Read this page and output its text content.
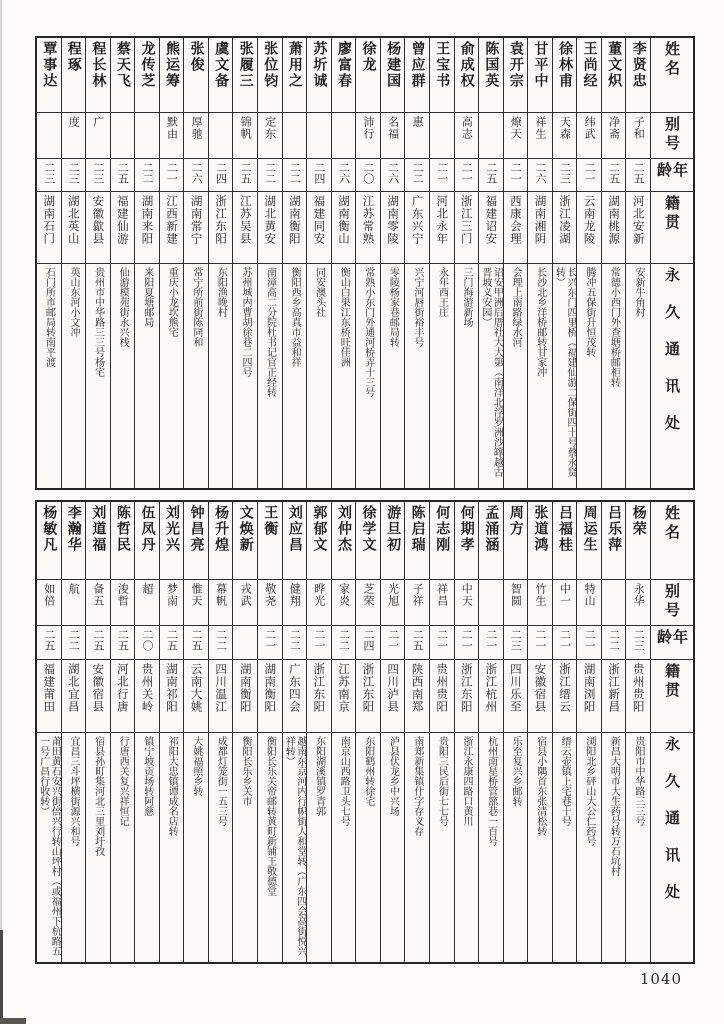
姓名
别号
年龄
籍贯
永久通讯处
李贤忠
子和
二五
河北安新
安新牛角村
董文炽
净斋
二五
湖南桃源
常德小西门外查塘桥邮柜转
王尚经
纬武
二一
云南龙陵
腾冲五保街升恒茂转
徐林甫
天森
二三
浙江凌湖
长兴东门四里桥（福建仙游二保街四十号蔡永贤转）
甘平中
祥生
二六
湖南湘阴
长沙北乡洋桥邮转甘家冲
袁开宗
燎天
二一
西康会理
会理上南路绿水河
陈国英
二五
福建诏安
诏安甲洲后厝社大大第（南洋北浮罗洲沙罉越古晋坡义安园）
俞成权
高志
二一
浙江三门
三门海游新场
王宝书
二一
河北永年
永年西王庄
曾应群
惠
二二
广东兴宁
兴宁河唇街裕丰号
杨建国
名福
二六
湖南零陵
零陵杨家巷邮局转
徐龙
沛行
二〇
江苏常熟
常熟小东门外通河桥弄十三号
廖富春
二六
湖南衡山
衡山白果江东桥旺佳洲
苏圻诚
二四
福建同安
同安澳头社
萧用之
二二
湖南衡阳
衡阳西乡高真市益和祥
张位钧
定东
二二
湖北黄安
南漳高二分院杜书记官正经转
张履三
锦帆
二五
江苏吴县
苏州城内曹胡徐巷二四号
虞文备
二四
浙江东阳
东阳渔晚村
张俊
厚驰
二六
湖南常宁
常宁所前街陈同和
熊运筹
默由
二一
江西新建
重庆小龙坎熊宅
龙传芝
二二
湖南来阳
来阳夏塘邮局
蔡天飞
二五
福建仙游
仙游模苑街永兴栈
程长林
广
二三
安徽歙县
贵州市中华路三三号杨宅
程琢
度
二三
湖北英山
英山东河小文冲
覃事达
二三
湖南石门
石门所市邮局转南平渡
姓名
别号
年龄
籍贯
永久通讯处
杨荣
永华
二三
贵州贵阳
贵阳市中华路三三号
吕乐萍
二二
浙江新昌
新昌大明市大生药号转万石坑村
周运生
特山
二一
湖南浏阳
浏阳北乡砰山大公仁药号
吕福桂
中一
二一
浙江缙云
缙云壶镇上宅巷十号
张道鸿
竹生
二一
安徽宿县
宿县小隅首东张清松转
周方
智圆
二三
四川乐至
乐至复兴乡邮转
孟涌涵
二一
浙江杭州
杭州南星桥管篰巷一百号
何期孝
中天
二一
浙江东阳
浙江永康四路口黄川
何志刚
祥昌
二一
贵州贵阳
贵阳三民后街七七号
陈启瑞
子祥
二五
陕西南郑
南郑新集镇什字存义存
游旦初
光旭
二一
四川泸县
泸县伏龙乡中兴场
徐学文
芝荣
二四
浙江东阳
东阳鹤州转徐宅
刘仲杰
家炎
二二
江苏南京
南京山西路卫头七号
郭郁文
晔光
二一
浙江东阳
东阳湖溪镇罗青郭
刘应昌
健翔
二二
广东四会
越南东京河内行帜街人和堂转（广东四会高街悦兴祥转）
王衡
敬尧
二一
湖南衡阳
衡阳长乐关帝邮转黄町新铺王敬德堂
文焕新
戎武
湖南衡阳
衡阳长乐乡关市
杨升煌
幕帆
二二
四川温江
成都灯笼街一五三号
钟昌亮
惟天
二五
云南大姚
大姚福照乡转
刘光兴
梦南
二五
湖南祁阳
祁阳大忠镇谭成名店转
伍凤丹
超
二〇
贵州关岭
镇宁坡贡场转阿慈
陈哲民
浚哲
二五
河北行唐
行唐西关复兴祥恒记
刘道福
备五
二五
安徽宿县
宿县孙町集河北三里刘圩孜
李瀚华
航
二二
湖北宜昌
宜昌三斗坪横街源兴和号
杨敏凡
如倍
二五
福建莆田
莆田黄石安兴街倍兴行转山坪村（或福州下杭路五一号广昌行收转）
1040
